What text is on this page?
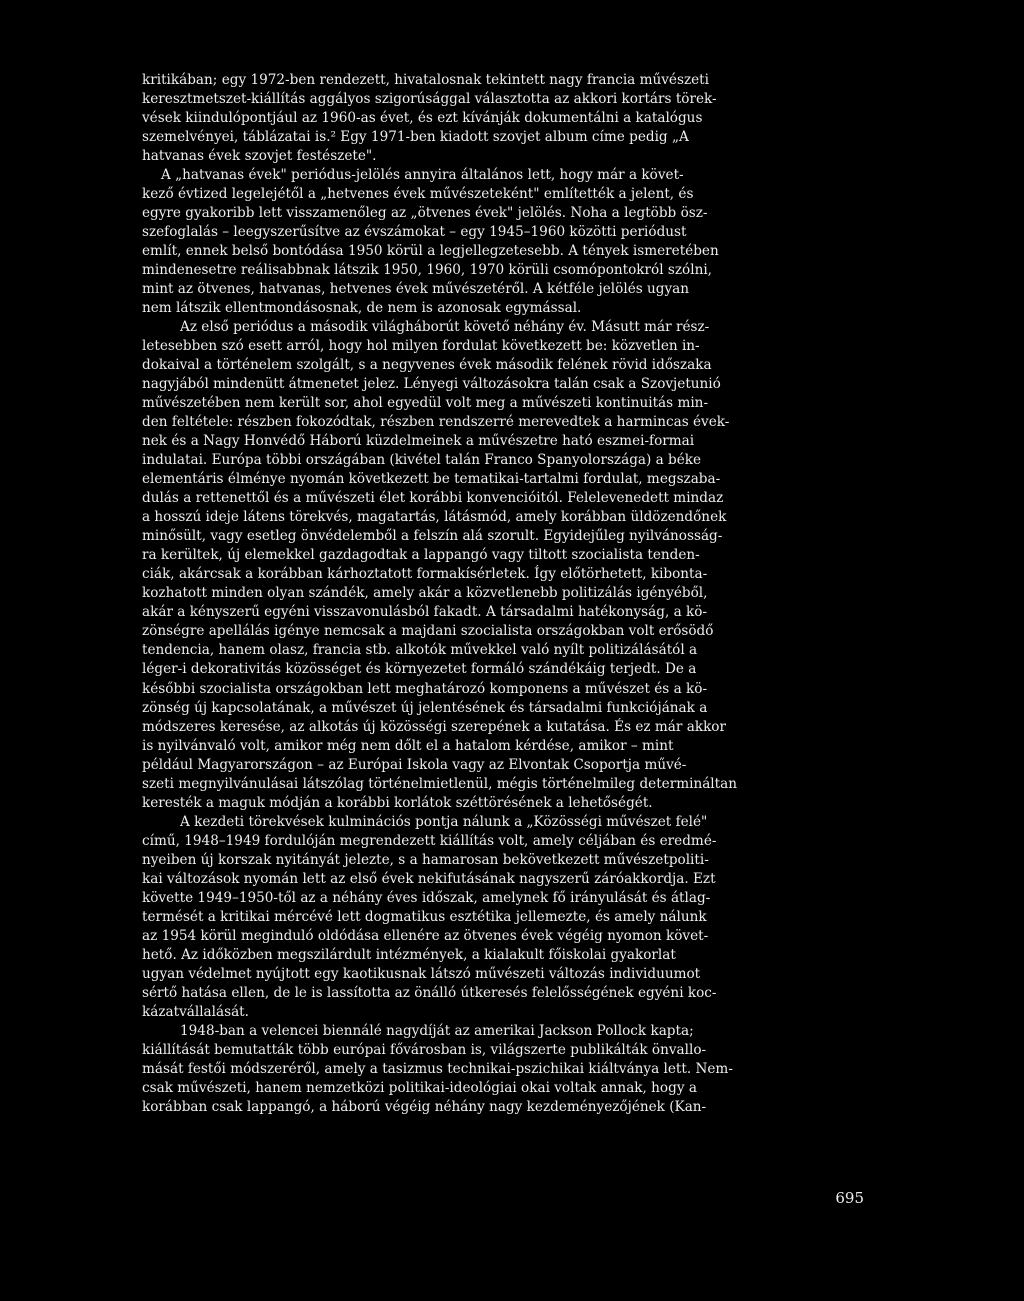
kritikában; egy 1972-ben rendezett, hivatalosnak tekintett nagy francia művészeti
keresztmetszet-kiállítás aggályos szigorúsággal választotta az akkori kortárs törek-
vések kiindulópontjául az 1960-as évet, és ezt kívánják dokumentálni a katalógus
szemelvényei, táblázatai is.² Egy 1971-ben kiadott szovjet album címe pedig „A
hatvanas évek szovjet festészete".

A „hatvanas évek" periódus-jelölés annyira általános lett, hogy már a követ-
kező évtized legelejétől a „hetvenes évek művészeteként" említették a jelent, és
egyre gyakoribb lett visszamenőleg az „ötvenes évek" jelölés. Noha a legtöbb ösz-
szefoglalás – leegyszerűsítve az évszámokat – egy 1945–1960 közötti periódust
említ, ennek belső bontódása 1950 körül a legjellegzetesebb. A tények ismeretében
mindenesetre reálisabbnak látszik 1950, 1960, 1970 körüli csomópontokról szólni,
mint az ötvenes, hatvanas, hetvenes évek művészetéről. A kétféle jelölés ugyan
nem látszik ellentmondásosnak, de nem is azonosak egymással.

Az első periódus a második világháborút követő néhány év. Másutt már rész-
letesebben szó esett arról, hogy hol milyen fordulat következett be: közvetlen in-
dokaival a történelem szolgált, s a negyvenes évek második felének rövid időszaka
nagyjából mindenütt átmenetet jelez. Lényegi változásokra talán csak a Szovjetunió
művészetében nem került sor, ahol egyedül volt meg a művészeti kontinuitás min-
den feltétele: részben fokozódtak, részben rendszerré merevedtek a harmincas évek-
nek és a Nagy Honvédő Háború küzdelmeinek a művészetre ható eszmei-formai
indulatai. Európa többi országában (kivétel talán Franco Spanyolországa) a béke
elementáris élménye nyomán következett be tematikai-tartalmi fordulat, megszaba-
dulás a rettenettől és a művészeti élet korábbi konvencióitól. Felelevenedett mindaz
a hosszú ideje látens törekvés, magatartás, látásmód, amely korábban üldözendőnek
minősült, vagy esetleg önvédelemből a felszín alá szorult. Egyidejűleg nyilvánosság-
ra kerültek, új elemekkel gazdagodtak a lappangó vagy tiltott szocialista tenden-
ciák, akárcsak a korábban kárhoztatott formakísérletek. Így előtörhetett, kibonta-
kozhatott minden olyan szándék, amely akár a közvetlenebb politizálás igényéből,
akár a kényszerű egyéni visszavonulásból fakadt. A társadalmi hatékonyság, a kö-
zönségre apellálás igénye nemcsak a majdani szocialista országokban volt erősödő
tendencia, hanem olasz, francia stb. alkotók művekkel való nyílt politizálásától a
léger-i dekorativitás közösséget és környezetet formáló szándékáig terjedt. De a
későbbi szocialista országokban lett meghatározó komponens a művészet és a kö-
zönség új kapcsolatának, a művészet új jelentésének és társadalmi funkciójának a
módszeres keresése, az alkotás új közösségi szerepének a kutatása. És ez már akkor
is nyilvánvaló volt, amikor még nem dőlt el a hatalom kérdése, amikor – mint
például Magyarországon – az Európai Iskola vagy az Elvontak Csoportja művé-
szeti megnyilvánulásai látszólag történelmietlenül, mégis történelmileg determináltan
keresték a maguk módján a korábbi korlátok széttörésének a lehetőségét.

A kezdeti törekvések kulminációs pontja nálunk a „Közösségi művészet felé"
című, 1948–1949 fordulóján megrendezett kiállítás volt, amely céljában és eredmé-
nyeiben új korszak nyitányát jelezte, s a hamarosan bekövetkezett művészetpoliti-
kai változások nyomán lett az első évek nekifutásának nagyszerű záróakkordja. Ezt
követte 1949–1950-től az a néhány éves időszak, amelynek fő irányulását és átlag-
termését a kritikai mércévé lett dogmatikus esztétika jellemezte, és amely nálunk
az 1954 körül meginduló oldódása ellenére az ötvenes évek végéig nyomon követ-
hető. Az időközben megszilárdult intézmények, a kialakult főiskolai gyakorlat
ugyan védelmet nyújtott egy kaotikusnak látszó művészeti változás individuumot
sértő hatása ellen, de le is lassította az önálló útkeresés felelősségének egyéni koc-
kázatvállalását.

1948-ban a velencei biennálé nagydíját az amerikai Jackson Pollock kapta;
kiállítását bemutatták több európai fővárosban is, világszerte publikálták önvallo-
mását festői módszeréről, amely a tasizmus technikai-pszichikai kiáltványa lett. Nem-
csak művészeti, hanem nemzetközi politikai-ideológiai okai voltak annak, hogy a
korábban csak lappangó, a háború végéig néhány nagy kezdeményezőjének (Kan-

695
